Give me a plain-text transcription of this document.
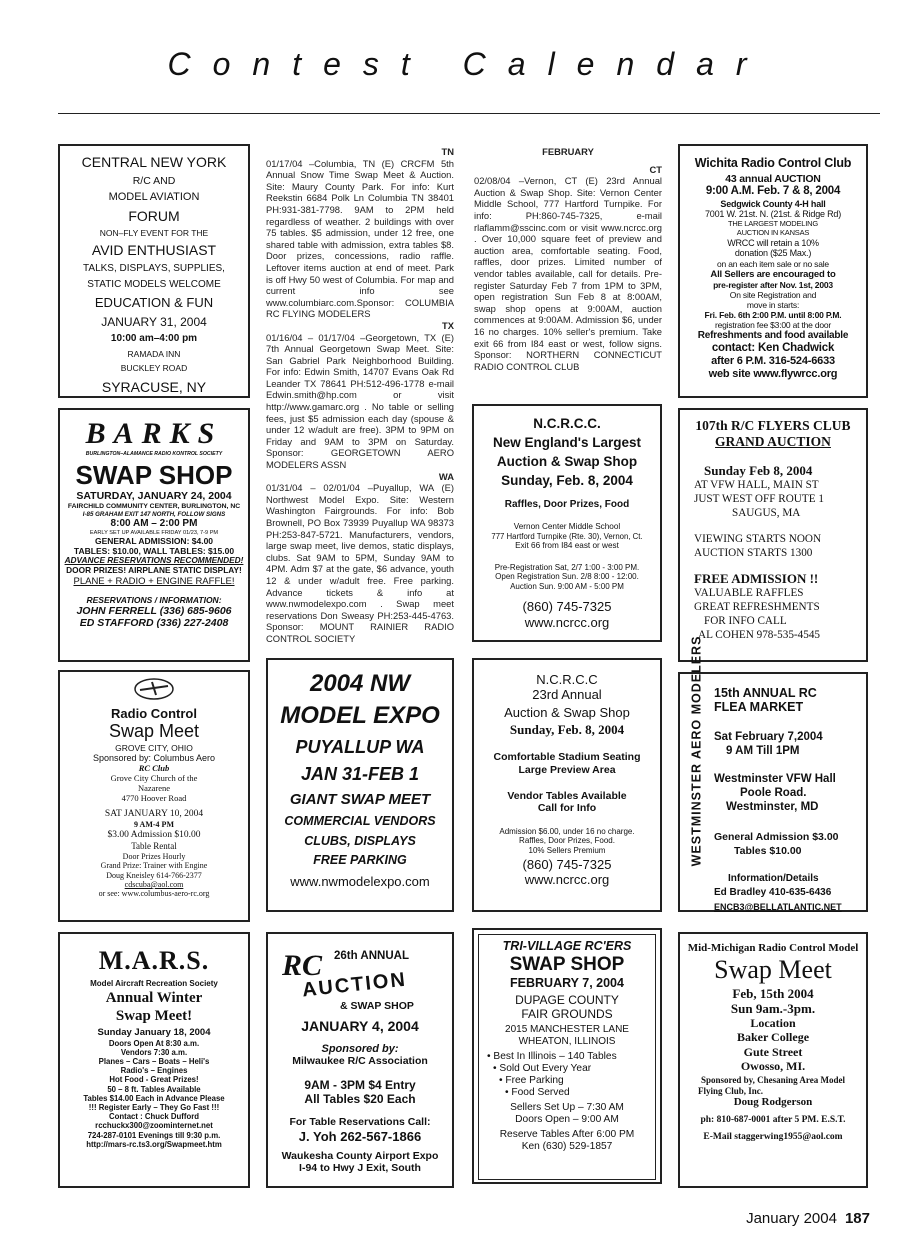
Contest Calendar
TN
01/17/04 –Columbia, TN (E) CRCFM 5th Annual Snow Time Swap Meet & Auction. Site: Maury County Park. For info: Kurt Reekstin 6684 Polk Ln Columbia TN 38401 PH:931-381-7798. 9AM to 2PM held regardless of weather. 2 buildings with over 75 tables. $5 admission, under 12 free, one shared table with admission, extra tables $8. Door prizes, concessions, radio raffle. Leftover items auction at end of meet. Park is off Hwy 50 west of Columbia. For map and current info see www.columbiarc.com.Sponsor: COLUMBIA RC FLYING MODELERS
TX
01/16/04 – 01/17/04 –Georgetown, TX (E) 7th Annual Georgetown Swap Meet. Site: San Gabriel Park Neighborhood Building. For info: Edwin Smith, 14707 Evans Oak Rd Leander TX 78641 PH:512-496-1778 e-mail Edwin.smith@hp.com or visit http://www.gamarc.org . No table or selling fees, just $5 admission each day (spouse & under 12 w/adult are free). 3PM to 9PM on Friday and 9AM to 3PM on Saturday. Sponsor: GEORGETOWN AERO MODELERS ASSN
WA
01/31/04 – 02/01/04 –Puyallup, WA (E) Northwest Model Expo. Site: Western Washington Fairgrounds. For info: Bob Brownell, PO Box 73939 Puyallup WA 98373 PH:253-847-5721. Manufacturers, vendors, large swap meet, live demos, static displays, clubs. Sat 9AM to 5PM, Sunday 9AM to 4PM. Adm $7 at the gate, $6 advance, youth 12 & under w/adult free. Free parking. Advance tickets & info at www.nwmodelexpo.com . Swap meet reservations Don Sweasy PH:253-445-4763. Sponsor: MOUNT RAINIER RADIO CONTROL SOCIETY
FEBRUARY
CT
02/08/04 –Vernon, CT (E) 23rd Annual Auction & Swap Shop. Site: Vernon Center Middle School, 777 Hartford Turnpike. For info: PH:860-745-7325, e-mail rlaflamm@sscinc.com or visit www.ncrcc.org . Over 10,000 square feet of preview and auction area, comfortable seating. Food, raffles, door prizes. Limited number of vendor tables available, call for details. Pre-register Saturday Feb 7 from 1PM to 3PM, open registration Sun Feb 8 at 8:00AM, swap shop opens at 9:00AM, auction commences at 9:00AM. Admission $6, under 16 no charges. 10% seller's premium. Take exit 66 from I84 east or west, follow signs. Sponsor: NORTHERN CONNECTICUT RADIO CONTROL CLUB
CENTRAL NEW YORK
R/C AND
MODEL AVIATION
FORUM
NON–FLY EVENT FOR THE
AVID ENTHUSIAST
TALKS, DISPLAYS, SUPPLIES,
STATIC MODELS WELCOME
EDUCATION & FUN
JANUARY 31, 2004
10:00 am–4:00 pm
RAMADA INN
BUCKLEY ROAD
SYRACUSE, NY
Wichita Radio Control Club
43 annual AUCTION
9:00 A.M. Feb. 7 & 8, 2004
Sedgwick County 4-H hall
7001 W. 21st. N. (21st. & Ridge Rd)
THE LARGEST MODELING
AUCTION IN KANSAS
WRCC will retain a 10%
donation ($25 Max.)
on an each item sale or no sale
All Sellers are encouraged to
pre-register after Nov. 1st, 2003
On site Registration and
move in starts:
Fri. Feb. 6th 2:00 P.M. until 8:00 P.M.
registration fee $3:00 at the door
Refreshments and food available
contact: Ken Chadwick
after 6 P.M. 316-524-6633
web site www.flywrcc.org
BARKS
BURLINGTON–ALAMANCE RADIO KONTROL SOCIETY
SWAP SHOP
SATURDAY, JANUARY 24, 2004
FAIRCHILD COMMUNITY CENTER, BURLINGTON, NC
I-85 GRAHAM EXIT 147 NORTH, FOLLOW SIGNS
8:00 AM – 2:00 PM
EARLY SET UP AVAILABLE FRIDAY 01/23, 7-9 PM
GENERAL ADMISSION: $4.00
TABLES: $10.00, WALL TABLES: $15.00
ADVANCE RESERVATIONS RECOMMENDED!
DOOR PRIZES! AIRPLANE STATIC DISPLAY!
PLANE + RADIO + ENGINE RAFFLE!
RESERVATIONS / INFORMATION:
JOHN FERRELL (336) 685-9606
ED STAFFORD (336) 227-2408
N.C.R.C.C.
New England's Largest
Auction & Swap Shop
Sunday, Feb. 8, 2004
Raffles, Door Prizes, Food
Vernon Center Middle School
777 Hartford Turnpike (Rte. 30), Vernon, Ct.
Exit 66 from I84 east or west
Pre-Registration Sat, 2/7 1:00 - 3:00 PM.
Open Registration Sun. 2/8 8:00 - 12:00.
Auction Sun. 9:00 AM - 5:00 PM
(860) 745-7325
www.ncrcc.org
107th R/C FLYERS CLUB
GRAND AUCTION
Sunday Feb 8, 2004
AT VFW HALL, MAIN ST
JUST WEST OFF ROUTE 1
SAUGUS, MA
VIEWING STARTS NOON
AUCTION STARTS 1300
FREE ADMISSION !!
VALUABLE RAFFLES
GREAT REFRESHMENTS
FOR INFO CALL
AL COHEN 978-535-4545
Radio Control
Swap Meet
GROVE CITY, OHIO
Sponsored by: Columbus Aero
RC Club
Grove City Church of the
Nazarene
4770 Hoover Road
SAT JANUARY 10, 2004
9 AM-4 PM
$3.00 Admission $10.00
Table Rental
Door Prizes Hourly
Grand Prize: Trainer with Engine
Doug Kneisley 614-766-2377
cdscuba@aol.com
or see: www.columbus-aero-rc.org
2004 NW
MODEL EXPO
PUYALLUP WA
JAN 31-FEB 1
GIANT SWAP MEET
COMMERCIAL VENDORS
CLUBS, DISPLAYS
FREE PARKING
www.nwmodelexpo.com
N.C.R.C.C
23rd Annual
Auction & Swap Shop
Sunday, Feb. 8, 2004
Comfortable Stadium Seating
Large Preview Area
Vendor Tables Available
Call for Info
Admission $6.00, under 16 no charge.
Raffles, Door Prizes, Food.
10% Sellers Premium
(860) 745-7325
www.ncrcc.org
WESTMINSTER AERO MODELERS 15th ANNUAL RC
FLEA MARKET
Sat February 7,2004
9 AM Till 1PM
Westminster VFW Hall
Poole Road.
Westminster, MD
General Admission $3.00
Tables $10.00
Information/Details
Ed Bradley 410-635-6436
ENCB3@BELLATLANTIC.NET
M.A.R.S.
Model Aircraft Recreation Society
Annual Winter
Swap Meet!
Sunday January 18, 2004
Doors Open At 8:30 a.m.
Vendors 7:30 a.m.
Planes – Cars – Boats – Heli's
Radio's – Engines
Hot Food - Great Prizes!
50 – 8 ft. Tables Available
Tables $14.00 Each in Advance Please
!!! Register Early – They Go Fast !!!
Contact : Chuck Dufford
rcchuckx300@zoominternet.net
724-287-0101 Evenings till 9:30 p.m.
http://mars-rc.ts3.org/Swapmeet.htm
26th ANNUAL
RC
AUCTION
& SWAP SHOP
JANUARY 4, 2004
Sponsored by:
Milwaukee R/C Association
9AM - 3PM $4 Entry
All Tables $20 Each
For Table Reservations Call:
J. Yoh 262-567-1866
Waukesha County Airport Expo
I-94 to Hwy J Exit, South
TRI-VILLAGE RC'ERS
SWAP SHOP
FEBRUARY 7, 2004
DUPAGE COUNTY
FAIR GROUNDS
2015 MANCHESTER LANE
WHEATON, ILLINOIS
• Best In Illinois – 140 Tables
• Sold Out Every Year
• Free Parking
• Food Served
Sellers Set Up – 7:30 AM
Doors Open – 9:00 AM
Reserve Tables After 6:00 PM
Ken (630) 529-1857
Mid-Michigan Radio Control Model
Swap Meet
Feb, 15th 2004
Sun 9am.-3pm.
Location
Baker College
Gute Street
Owosso, MI.
Sponsored by, Chesaning Area Model
Flying Club, Inc.
Doug Rodgerson
ph: 810-687-0001 after 5 PM. E.S.T.
E-Mail staggerwing1955@aol.com
January 2004 187
